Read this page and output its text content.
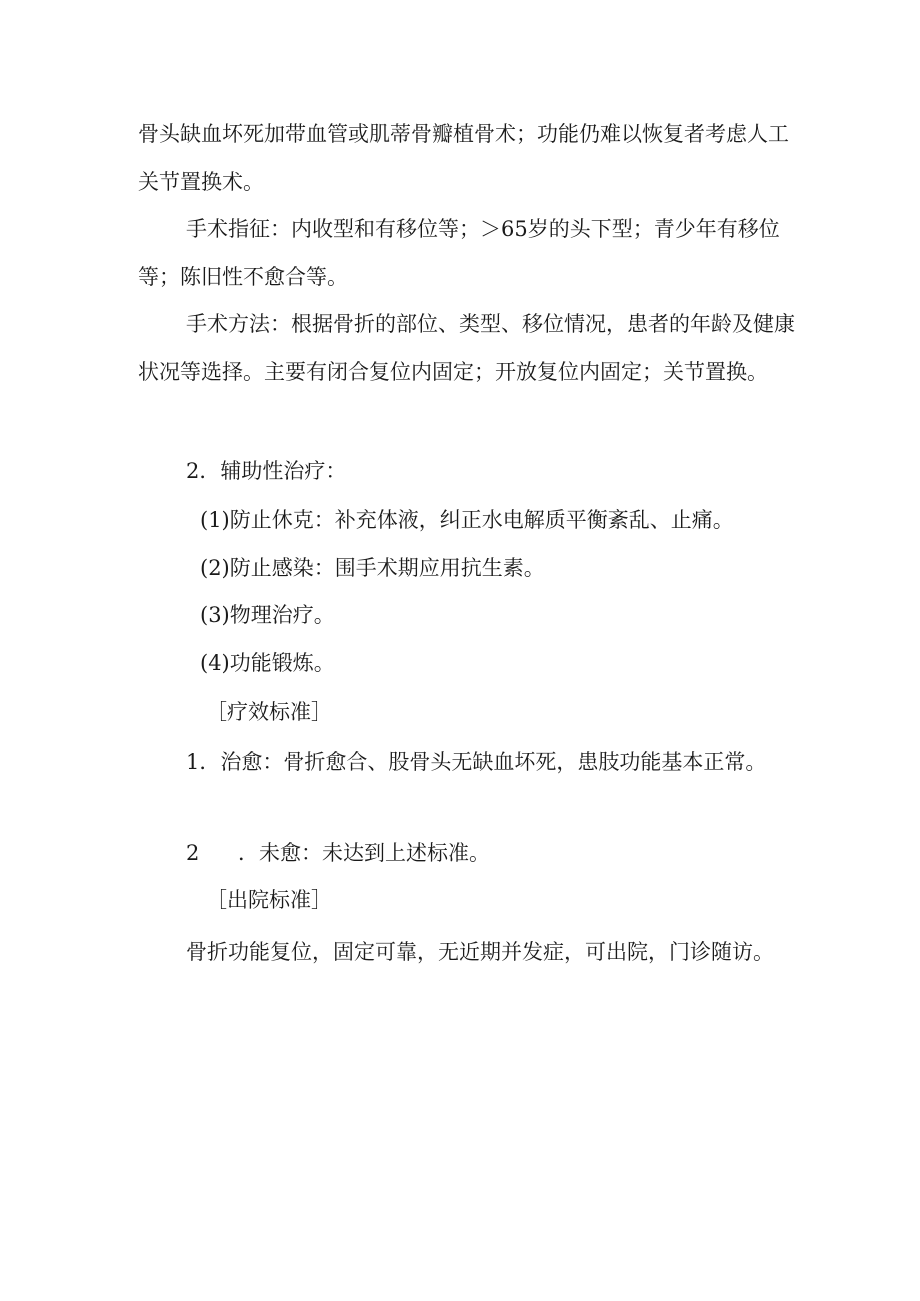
骨头缺血坏死加带血管或肌蒂骨瓣植骨术；功能仍难以恢复者考虑人工关节置换术。
手术指征：内收型和有移位等；＞65岁的头下型；青少年有移位等；陈旧性不愈合等。
手术方法：根据骨折的部位、类型、移位情况，患者的年龄及健康状况等选择。主要有闭合复位内固定；开放复位内固定；关节置换。
2．辅助性治疗：
(1)防止休克：补充体液，纠正水电解质平衡紊乱、止痛。
(2)防止感染：围手术期应用抗生素。
(3)物理治疗。
(4)功能锻炼。
［疗效标准］
1．治愈：骨折愈合、股骨头无缺血坏死，患肢功能基本正常。
2 ．未愈：未达到上述标准。
［出院标准］
骨折功能复位，固定可靠，无近期并发症，可出院，门诊随访。
